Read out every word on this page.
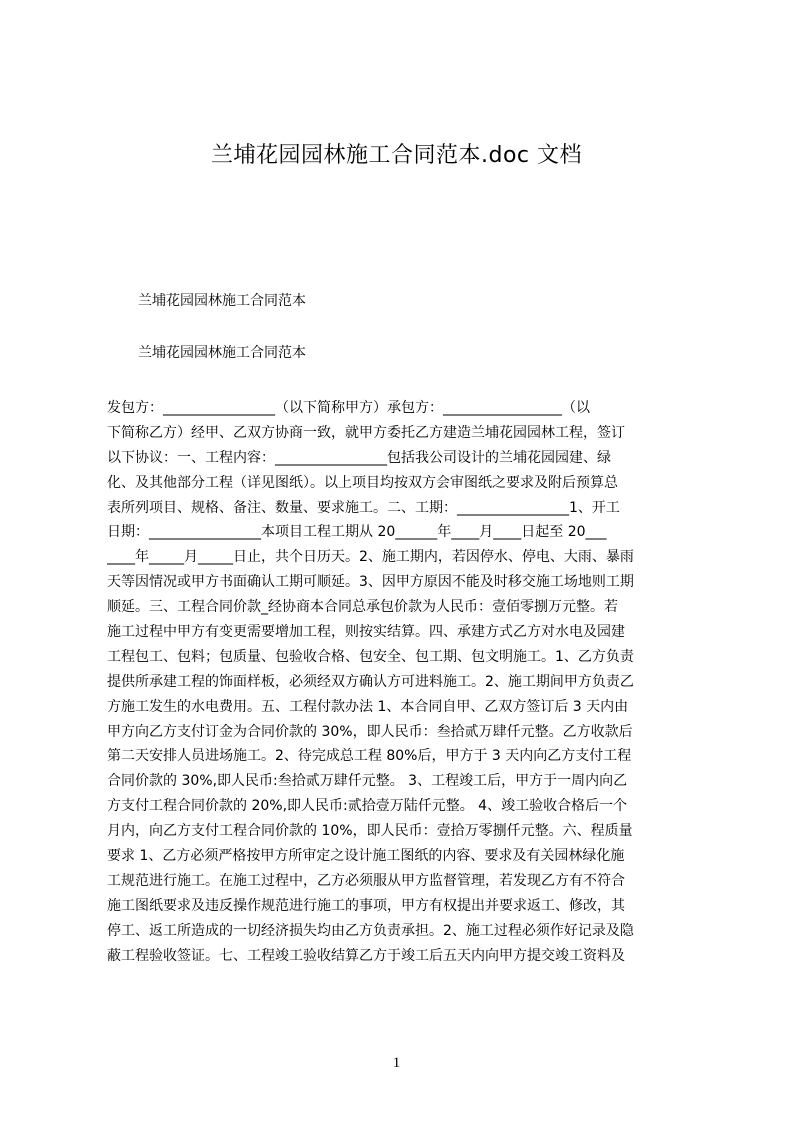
兰埔花园园林施工合同范本.doc 文档
兰埔花园园林施工合同范本
兰埔花园园林施工合同范本
发包方：________________（以下简称甲方）承包方：_________________（以
下简称乙方）经甲、乙双方协商一致，就甲方委托乙方建造兰埔花园园林工程，签订
以下协议：一、工程内容：________________包括我公司设计的兰埔花园园建、绿
化、及其他部分工程（详见图纸）。以上项目均按双方会审图纸之要求及附后预算总
表所列项目、规格、备注、数量、要求施工。二、工期：________________1、开工
日期：________________本项目工程工期从 20______年____月____日起至 20___
____年_____月_____日止，共个日历天。2、施工期内，若因停水、停电、大雨、暴雨
天等因情况或甲方书面确认工期可顺延。3、因甲方原因不能及时移交施工场地则工期
顺延。三、工程合同价款_经协商本合同总承包价款为人民币：壹佰零捌万元整。若
施工过程中甲方有变更需要增加工程，则按实结算。四、承建方式乙方对水电及园建
工程包工、包料；包质量、包验收合格、包安全、包工期、包文明施工。1、乙方负责
提供所承建工程的饰面样板，必须经双方确认方可进料施工。2、施工期间甲方负责乙
方施工发生的水电费用。五、工程付款办法 1、本合同自甲、乙双方签订后 3 天内由
甲方向乙方支付订金为合同价款的 30%，即人民币：叁拾贰万肆仟元整。乙方收款后
第二天安排人员进场施工。2、待完成总工程 80%后，甲方于 3 天内向乙方支付工程
合同价款的 30%,即人民币:叁拾贰万肆仟元整。 3、工程竣工后，甲方于一周内向乙
方支付工程合同价款的 20%,即人民币:贰拾壹万陆仟元整。 4、竣工验收合格后一个
月内，向乙方支付工程合同价款的 10%，即人民币：壹拾万零捌仟元整。六、程质量
要求 1、乙方必须严格按甲方所审定之设计施工图纸的内容、要求及有关园林绿化施
工规范进行施工。在施工过程中，乙方必须服从甲方监督管理，若发现乙方有不符合
施工图纸要求及违反操作规范进行施工的事项，甲方有权提出并要求返工、修改，其
停工、返工所造成的一切经济损失均由乙方负责承担。2、施工过程必须作好记录及隐
蔽工程验收签证。七、工程竣工验收结算乙方于竣工后五天内向甲方提交竣工资料及
1
